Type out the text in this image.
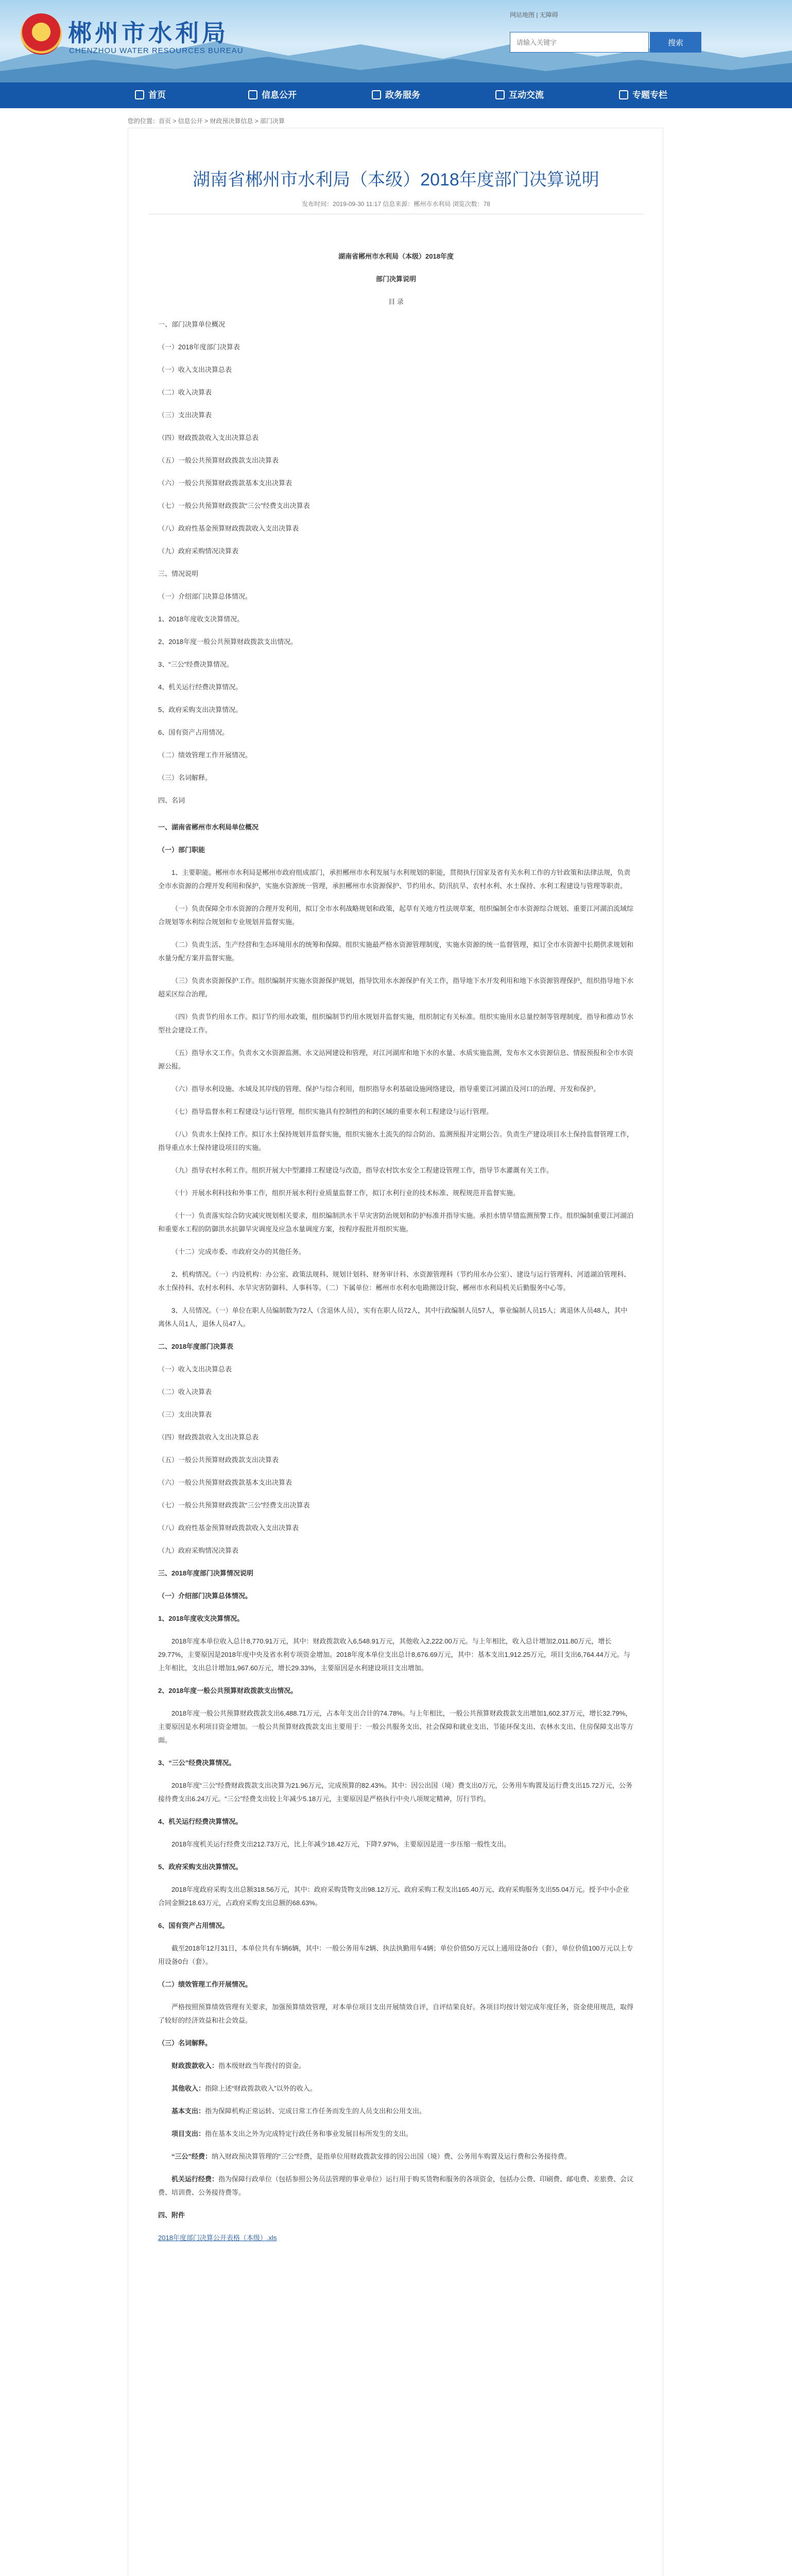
郴州市水利局
CHENZHOU WATER RESOURCES BUREAU
网站地图 | 无障碍
请输入关键字
搜索
首页	信息公开	政务服务	互动交流	专题专栏
您的位置：首页 > 信息公开 > 财政预决算信息 > 部门决算
湖南省郴州市水利局（本级）2018年度部门决算说明
发布时间：2019-09-30 11:17 信息来源：郴州市水利局 浏览次数：78

湖南省郴州市水利局（本级）2018年度

部门决算说明

目 录

一、部门决算单位概况

（一）2018年度部门决算表

（一）收入支出决算总表

（二）收入决算表

（三）支出决算表

（四）财政拨款收入支出决算总表

（五）一般公共预算财政拨款支出决算表

（六）一般公共预算财政拨款基本支出决算表

（七）一般公共预算财政拨款“三公”经费支出决算表

（八）政府性基金预算财政拨款收入支出决算表

（九）政府采购情况决算表

三、情况说明

（一）介绍部门决算总体情况。

1、2018年度收支决算情况。

2、2018年度一般公共预算财政拨款支出情况。

3、“三公”经费决算情况。

4、机关运行经费决算情况。

5、政府采购支出决算情况。

6、国有资产占用情况。

（二）绩效管理工作开展情况。

（三）名词解释。

四、名词

一、湖南省郴州市水利局单位概况

（一）部门职能

1、主要职能。郴州市水利局是郴州市政府组成部门，承担郴州市水利发展与水利规划的职能，贯彻执行国家及省有关水利工作的方针政策和法律法规，负责全市水资源的合理开发利用和保护，实施水资源统一管理，承担郴州市水资源保护、节约用水、防汛抗旱、农村水利、水土保持、水利工程建设与管理等职责。

（一）负责保障全市水资源的合理开发利用，拟订全市水利战略规划和政策，起草有关地方性法规草案，组织编制全市水资源综合规划、重要江河湖泊流域综合规划等水利综合规划和专业规划并监督实施。

（二）负责生活、生产经营和生态环境用水的统筹和保障。组织实施最严格水资源管理制度，实施水资源的统一监督管理，拟订全市水资源中长期供求规划和水量分配方案并监督实施。

（三）负责水资源保护工作。组织编制并实施水资源保护规划，指导饮用水水源保护有关工作，指导地下水开发利用和地下水资源管理保护，组织指导地下水超采区综合治理。

（四）负责节约用水工作。拟订节约用水政策，组织编制节约用水规划并监督实施，组织制定有关标准。组织实施用水总量控制等管理制度，指导和推动节水型社会建设工作。

（五）指导水文工作。负责水文水资源监测、水文站网建设和管理，对江河湖库和地下水的水量、水质实施监测，发布水文水资源信息、情报预报和全市水资源公报。

（六）指导水利设施、水域及其岸线的管理、保护与综合利用，组织指导水利基础设施网络建设，指导重要江河湖泊及河口的治理、开发和保护。

（七）指导监督水利工程建设与运行管理，组织实施具有控制性的和跨区域的重要水利工程建设与运行管理。

（八）负责水土保持工作。拟订水土保持规划并监督实施，组织实施水土流失的综合防治、监测预报并定期公告。负责生产建设项目水土保持监督管理工作，指导重点水土保持建设项目的实施。

（九）指导农村水利工作。组织开展大中型灌排工程建设与改造，指导农村饮水安全工程建设管理工作，指导节水灌溉有关工作。

（十）开展水利科技和外事工作，组织开展水利行业质量监督工作，拟订水利行业的技术标准、规程规范并监督实施。

（十一）负责落实综合防灾减灾规划相关要求，组织编制洪水干旱灾害防治规划和防护标准并指导实施。承担水情旱情监测预警工作。组织编制重要江河湖泊和重要水工程的防御洪水抗御旱灾调度及应急水量调度方案，按程序报批并组织实施。

（十二）完成市委、市政府交办的其他任务。

2、机构情况。（一）内设机构：办公室、政策法规科、规划计划科、财务审计科、水资源管理科（节约用水办公室）、建设与运行管理科、河道湖泊管理科、水土保持科、农村水利科、水旱灾害防御科、人事科等。（二）下属单位：郴州市水利水电勘测设计院、郴州市水利局机关后勤服务中心等。

3、人员情况。（一）单位在职人员编制数为72人（含退休人员），实有在职人员72人，其中行政编制人员57人，事业编制人员15人；离退休人员48人，其中离休人员1人，退休人员47人。

二、2018年度部门决算表

（一）收入支出决算总表

（二）收入决算表

（三）支出决算表

（四）财政拨款收入支出决算总表

（五）一般公共预算财政拨款支出决算表

（六）一般公共预算财政拨款基本支出决算表

（七）一般公共预算财政拨款“三公”经费支出决算表

（八）政府性基金预算财政拨款收入支出决算表

（九）政府采购情况决算表

三、2018年度部门决算情况说明

（一）介绍部门决算总体情况。

1、2018年度收支决算情况。

2018年度本单位收入总计8,770.91万元，其中：财政拨款收入6,548.91万元，其他收入2,222.00万元。与上年相比，收入总计增加2,011.80万元，增长29.77%，主要原因是2018年度中央及省水利专项资金增加。2018年度本单位支出总计8,676.69万元，其中：基本支出1,912.25万元，项目支出6,764.44万元。与上年相比，支出总计增加1,967.60万元，增长29.33%，主要原因是水利建设项目支出增加。

2、2018年度一般公共预算财政拨款支出情况。

2018年度一般公共预算财政拨款支出6,488.71万元，占本年支出合计的74.78%。与上年相比，一般公共预算财政拨款支出增加1,602.37万元，增长32.79%，主要原因是水利项目资金增加。一般公共预算财政拨款支出主要用于：一般公共服务支出、社会保障和就业支出、节能环保支出、农林水支出、住房保障支出等方面。

3、“三公”经费决算情况。

2018年度“三公”经费财政拨款支出决算为21.96万元，完成预算的82.43%。其中：因公出国（境）费支出0万元，公务用车购置及运行费支出15.72万元，公务接待费支出6.24万元。“三公”经费支出较上年减少5.18万元，主要原因是严格执行中央八项规定精神，厉行节约。

4、机关运行经费决算情况。

2018年度机关运行经费支出212.73万元，比上年减少18.42万元，下降7.97%，主要原因是进一步压缩一般性支出。

5、政府采购支出决算情况。

2018年度政府采购支出总额318.56万元，其中：政府采购货物支出98.12万元、政府采购工程支出165.40万元、政府采购服务支出55.04万元。授予中小企业合同金额218.63万元，占政府采购支出总额的68.63%。

6、国有资产占用情况。

截至2018年12月31日，本单位共有车辆6辆，其中：一般公务用车2辆、执法执勤用车4辆；单位价值50万元以上通用设备0台（套），单位价值100万元以上专用设备0台（套）。

（二）绩效管理工作开展情况。

严格按照预算绩效管理有关要求，加强预算绩效管理，对本单位项目支出开展绩效自评，自评结果良好。各项目均按计划完成年度任务，资金使用规范，取得了较好的经济效益和社会效益。

（三）名词解释。

财政拨款收入：指本级财政当年拨付的资金。

其他收入：指除上述“财政拨款收入”以外的收入。

基本支出：指为保障机构正常运转、完成日常工作任务而发生的人员支出和公用支出。

项目支出：指在基本支出之外为完成特定行政任务和事业发展目标所发生的支出。

“三公”经费：纳入财政预决算管理的“三公”经费，是指单位用财政拨款安排的因公出国（境）费、公务用车购置及运行费和公务接待费。

机关运行经费：指为保障行政单位（包括参照公务员法管理的事业单位）运行用于购买货物和服务的各项资金，包括办公费、印刷费、邮电费、差旅费、会议费、培训费、公务接待费等。

四、附件

2018年度部门决算公开表格（本级）.xls
